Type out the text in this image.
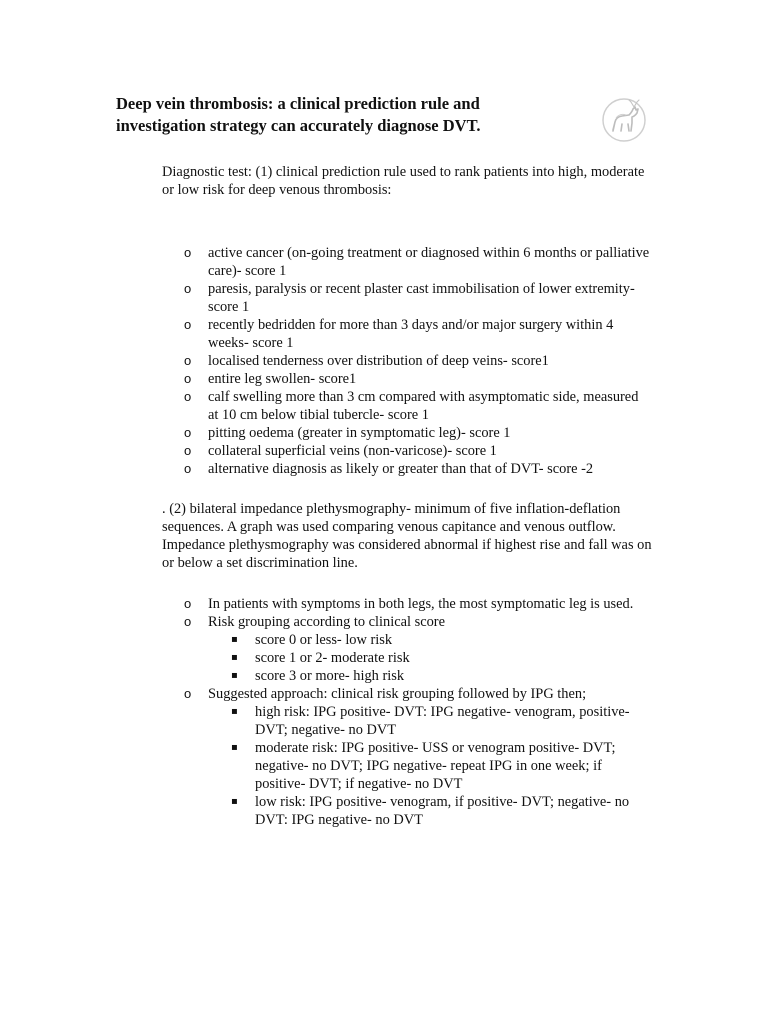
Deep vein thrombosis: a clinical prediction rule and
investigation strategy can accurately diagnose DVT.

Diagnostic test: (1) clinical prediction rule used to rank patients into high, moderate or low risk for deep venous thrombosis:

o active cancer (on-going treatment or diagnosed within 6 months or palliative care)- score 1
o paresis, paralysis or recent plaster cast immobilisation of lower extremity- score 1
o recently bedridden for more than 3 days and/or major surgery within 4 weeks- score 1
o localised tenderness over distribution of deep veins- score1
o entire leg swollen- score1
o calf swelling more than 3 cm compared with asymptomatic side, measured at 10 cm below tibial tubercle- score 1
o pitting oedema (greater in symptomatic leg)- score 1
o collateral superficial veins (non-varicose)- score 1
o alternative diagnosis as likely or greater than that of DVT- score -2

. (2) bilateral impedance plethysmography- minimum of five inflation-deflation sequences. A graph was used comparing venous capitance and venous outflow. Impedance plethysmography was considered abnormal if highest rise and fall was on or below a set discrimination line.

o In patients with symptoms in both legs, the most symptomatic leg is used.
o Risk grouping according to clinical score
▪ score 0 or less- low risk
▪ score 1 or 2- moderate risk
▪ score 3 or more- high risk
o Suggested approach: clinical risk grouping followed by IPG then;
▪ high risk: IPG positive- DVT: IPG negative- venogram, positive- DVT; negative- no DVT
▪ moderate risk: IPG positive- USS or venogram positive- DVT; negative- no DVT; IPG negative- repeat IPG in one week; if positive- DVT; if negative- no DVT
▪ low risk: IPG positive- venogram, if positive- DVT; negative- no DVT: IPG negative- no DVT
